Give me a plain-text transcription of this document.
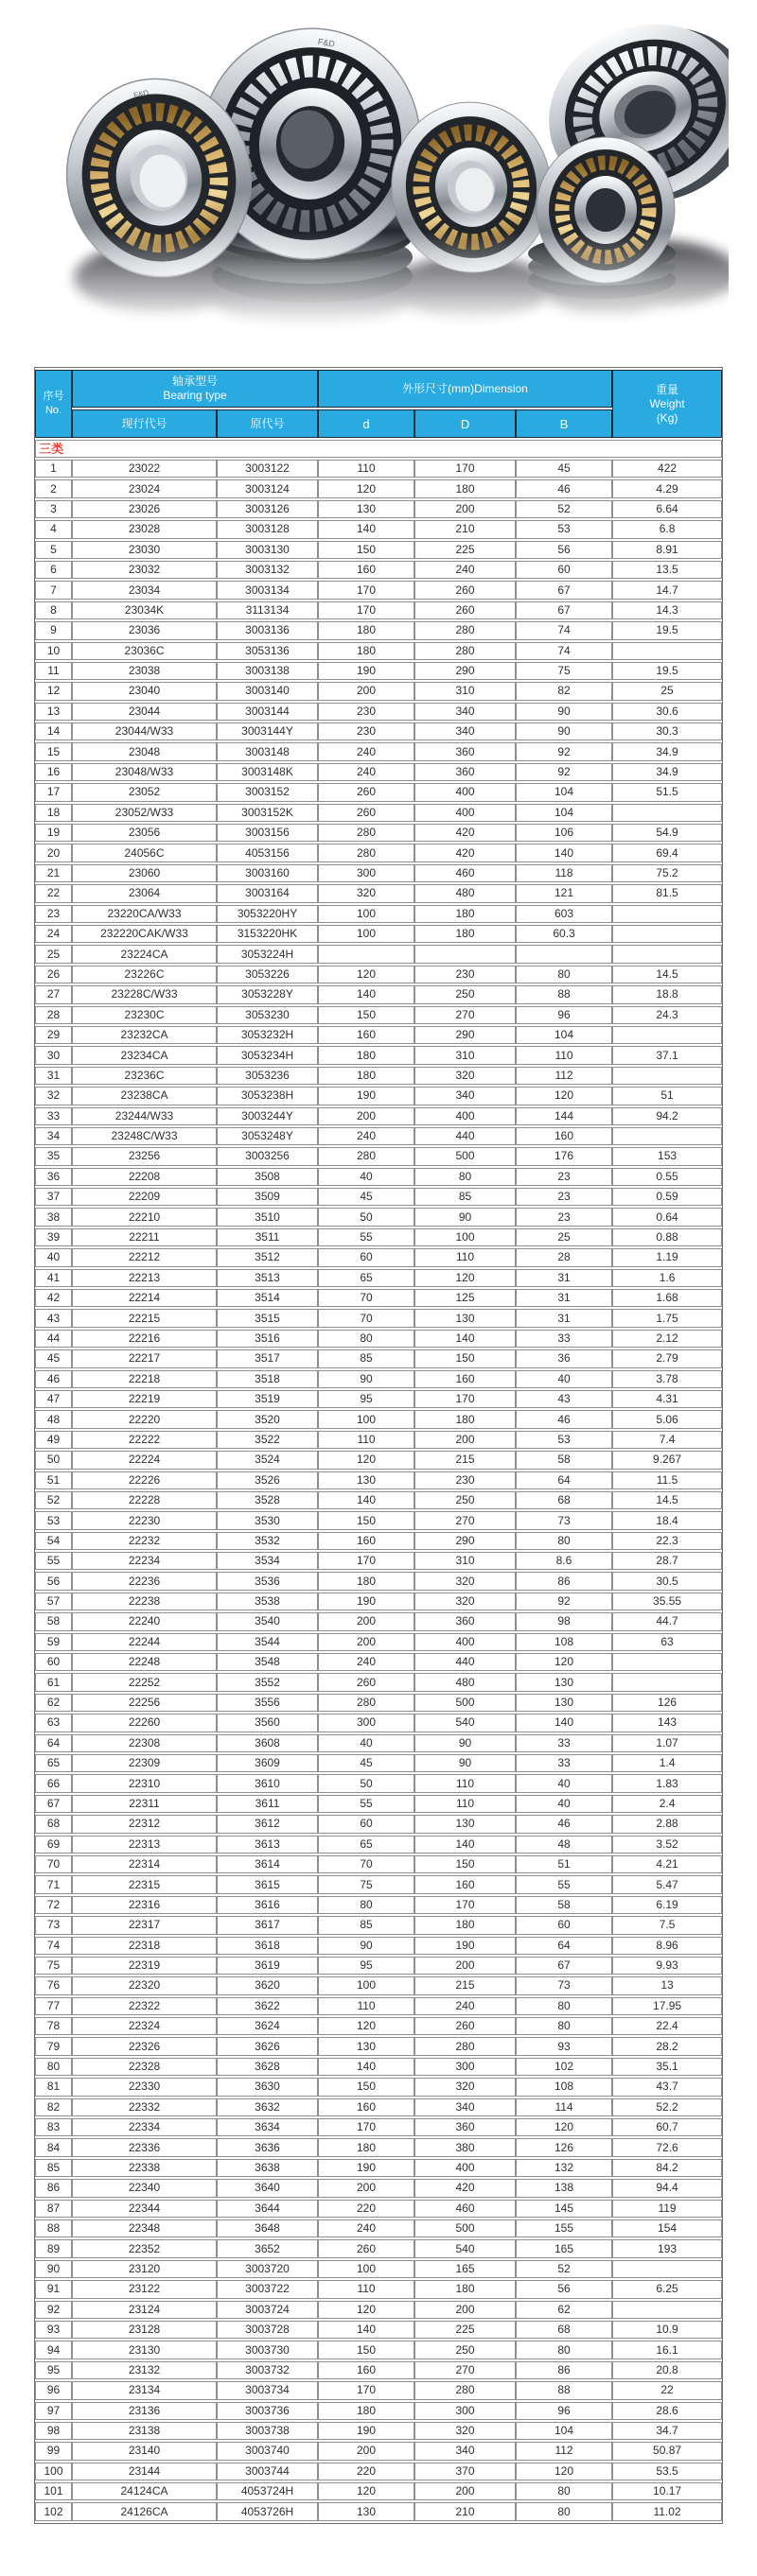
F&D
F&D
序号
No.

轴承型号
Bearing type
	外形尺寸(mm)Dimension	重量
Weight
(Kg)

	现行代号	原代号	d	D	B	
三类						
1	23022	3003122	110	170	45	422
2	23024	3003124	120	180	46	4.29
3	23026	3003126	130	200	52	6.64
4	23028	3003128	140	210	53	6.8
5	23030	3003130	150	225	56	8.91
6	23032	3003132	160	240	60	13.5
7	23034	3003134	170	260	67	14.7
8	23034K	3113134	170	260	67	14.3
9	23036	3003136	180	280	74	19.5
10	23036C	3053136	180	280	74	
11	23038	3003138	190	290	75	19.5
12	23040	3003140	200	310	82	25
13	23044	3003144	230	340	90	30.6
14	23044/W33	3003144Y	230	340	90	30.3
15	23048	3003148	240	360	92	34.9
16	23048/W33	3003148K	240	360	92	34.9
17	23052	3003152	260	400	104	51.5
18	23052/W33	3003152K	260	400	104	
19	23056	3003156	280	420	106	54.9
20	24056C	4053156	280	420	140	69.4
21	23060	3003160	300	460	118	75.2
22	23064	3003164	320	480	121	81.5
23	23220CA/W33	3053220HY	100	180	603	
24	232220CAK/W33	3153220HK	100	180	60.3	
25	23224CA	3053224H				
26	23226C	3053226	120	230	80	14.5
27	23228C/W33	3053228Y	140	250	88	18.8
28	23230C	3053230	150	270	96	24.3
29	23232CA	3053232H	160	290	104	
30	23234CA	3053234H	180	310	110	37.1
31	23236C	3053236	180	320	112	
32	23238CA	3053238H	190	340	120	51
33	23244/W33	3003244Y	200	400	144	94.2
34	23248C/W33	3053248Y	240	440	160	
35	23256	3003256	280	500	176	153
36	22208	3508	40	80	23	0.55
37	22209	3509	45	85	23	0.59
38	22210	3510	50	90	23	0.64
39	22211	3511	55	100	25	0.88
40	22212	3512	60	110	28	1.19
41	22213	3513	65	120	31	1.6
42	22214	3514	70	125	31	1.68
43	22215	3515	70	130	31	1.75
44	22216	3516	80	140	33	2.12
45	22217	3517	85	150	36	2.79
46	22218	3518	90	160	40	3.78
47	22219	3519	95	170	43	4.31
48	22220	3520	100	180	46	5.06
49	22222	3522	110	200	53	7.4
50	22224	3524	120	215	58	9.267
51	22226	3526	130	230	64	11.5
52	22228	3528	140	250	68	14.5
53	22230	3530	150	270	73	18.4
54	22232	3532	160	290	80	22.3
55	22234	3534	170	310	8.6	28.7
56	22236	3536	180	320	86	30.5
57	22238	3538	190	320	92	35.55
58	22240	3540	200	360	98	44.7
59	22244	3544	200	400	108	63
60	22248	3548	240	440	120	
61	22252	3552	260	480	130	
62	22256	3556	280	500	130	126
63	22260	3560	300	540	140	143
64	22308	3608	40	90	33	1.07
65	22309	3609	45	90	33	1.4
66	22310	3610	50	110	40	1.83
67	22311	3611	55	110	40	2.4
68	22312	3612	60	130	46	2.88
69	22313	3613	65	140	48	3.52
70	22314	3614	70	150	51	4.21
71	22315	3615	75	160	55	5.47
72	22316	3616	80	170	58	6.19
73	22317	3617	85	180	60	7.5
74	22318	3618	90	190	64	8.96
75	22319	3619	95	200	67	9.93
76	22320	3620	100	215	73	13
77	22322	3622	110	240	80	17.95
78	22324	3624	120	260	80	22.4
79	22326	3626	130	280	93	28.2
80	22328	3628	140	300	102	35.1
81	22330	3630	150	320	108	43.7
82	22332	3632	160	340	114	52.2
83	22334	3634	170	360	120	60.7
84	22336	3636	180	380	126	72.6
85	22338	3638	190	400	132	84.2
86	22340	3640	200	420	138	94.4
87	22344	3644	220	460	145	119
88	22348	3648	240	500	155	154
89	22352	3652	260	540	165	193
90	23120	3003720	100	165	52	
91	23122	3003722	110	180	56	6.25
92	23124	3003724	120	200	62	
93	23128	3003728	140	225	68	10.9
94	23130	3003730	150	250	80	16.1
95	23132	3003732	160	270	86	20.8
96	23134	3003734	170	280	88	22
97	23136	3003736	180	300	96	28.6
98	23138	3003738	190	320	104	34.7
99	23140	3003740	200	340	112	50.87
100	23144	3003744	220	370	120	53.5
101	24124CA	4053724H	120	200	80	10.17
102	24126CA	4053726H	130	210	80	11.02
